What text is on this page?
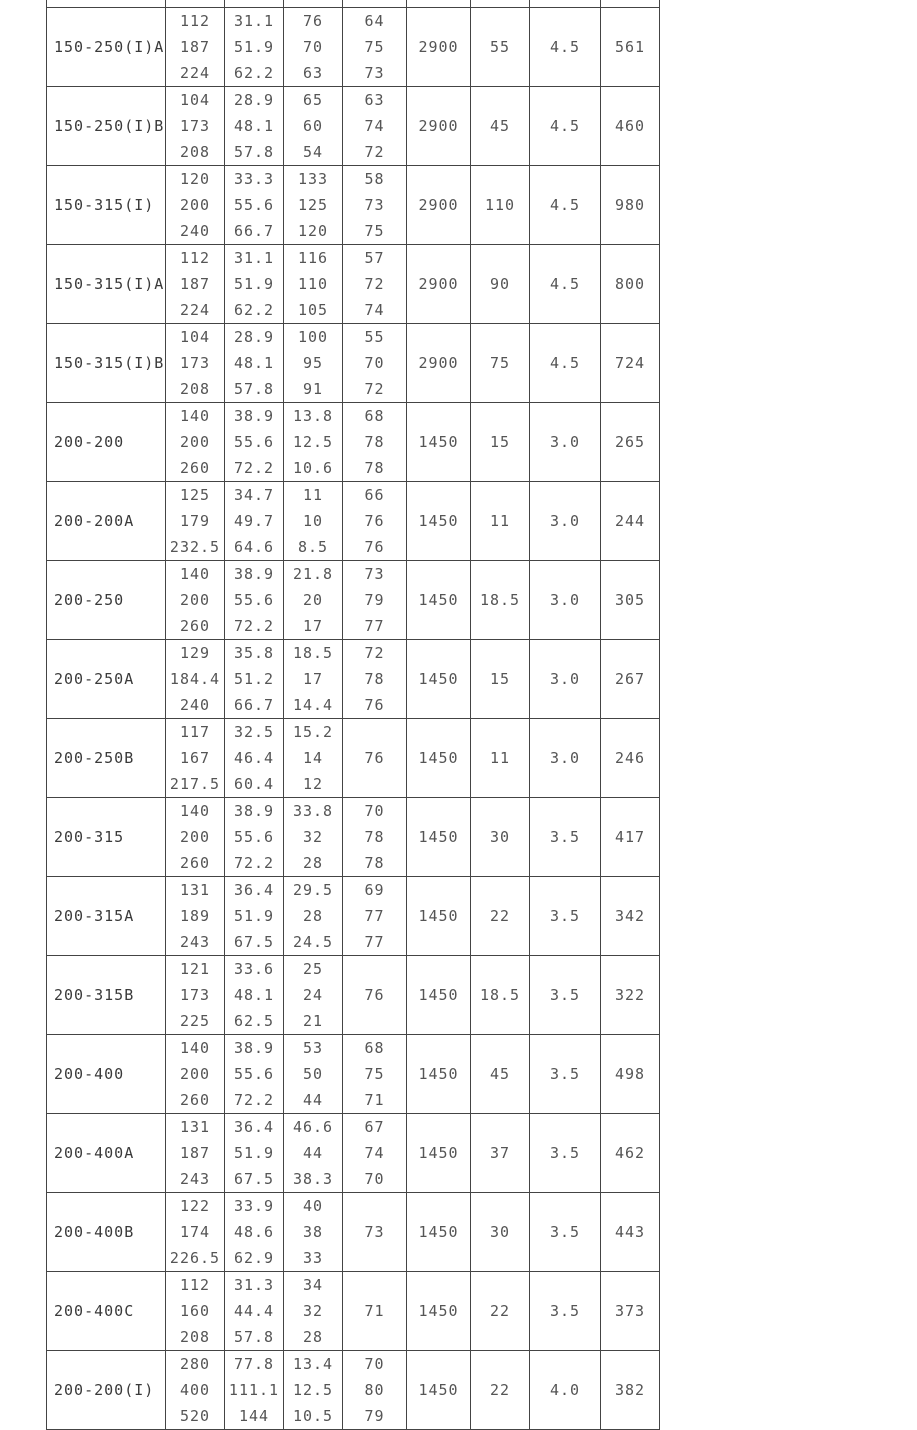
150-250(I)A	112
187
224	31.1
51.9
62.2	76
70
63	64
75
73	2900	55	4.5	561
150-250(I)B	104
173
208	28.9
48.1
57.8	65
60
54	63
74
72	2900	45	4.5	460
150-315(I)	120
200
240	33.3
55.6
66.7	133
125
120	58
73
75	2900	110	4.5	980
150-315(I)A	112
187
224	31.1
51.9
62.2	116
110
105	57
72
74	2900	90	4.5	800
150-315(I)B	104
173
208	28.9
48.1
57.8	100
95
91	55
70
72	2900	75	4.5	724
200-200	140
200
260	38.9
55.6
72.2	13.8
12.5
10.6	68
78
78	1450	15	3.0	265
200-200A	125
179
232.5	34.7
49.7
64.6	11
10
8.5	66
76
76	1450	11	3.0	244
200-250	140
200
260	38.9
55.6
72.2	21.8
20
17	73
79
77	1450	18.5	3.0	305
200-250A	129
184.4
240	35.8
51.2
66.7	18.5
17
14.4	72
78
76	1450	15	3.0	267
200-250B	117
167
217.5	32.5
46.4
60.4	15.2
14
12	76	1450	11	3.0	246
200-315	140
200
260	38.9
55.6
72.2	33.8
32
28	70
78
78	1450	30	3.5	417
200-315A	131
189
243	36.4
51.9
67.5	29.5
28
24.5	69
77
77	1450	22	3.5	342
200-315B	121
173
225	33.6
48.1
62.5	25
24
21	76	1450	18.5	3.5	322
200-400	140
200
260	38.9
55.6
72.2	53
50
44	68
75
71	1450	45	3.5	498
200-400A	131
187
243	36.4
51.9
67.5	46.6
44
38.3	67
74
70	1450	37	3.5	462
200-400B	122
174
226.5	33.9
48.6
62.9	40
38
33	73	1450	30	3.5	443
200-400C	112
160
208	31.3
44.4
57.8	34
32
28	71	1450	22	3.5	373
200-200(I)	280
400
520	77.8
111.1
144	13.4
12.5
10.5	70
80
79	1450	22	4.0	382
